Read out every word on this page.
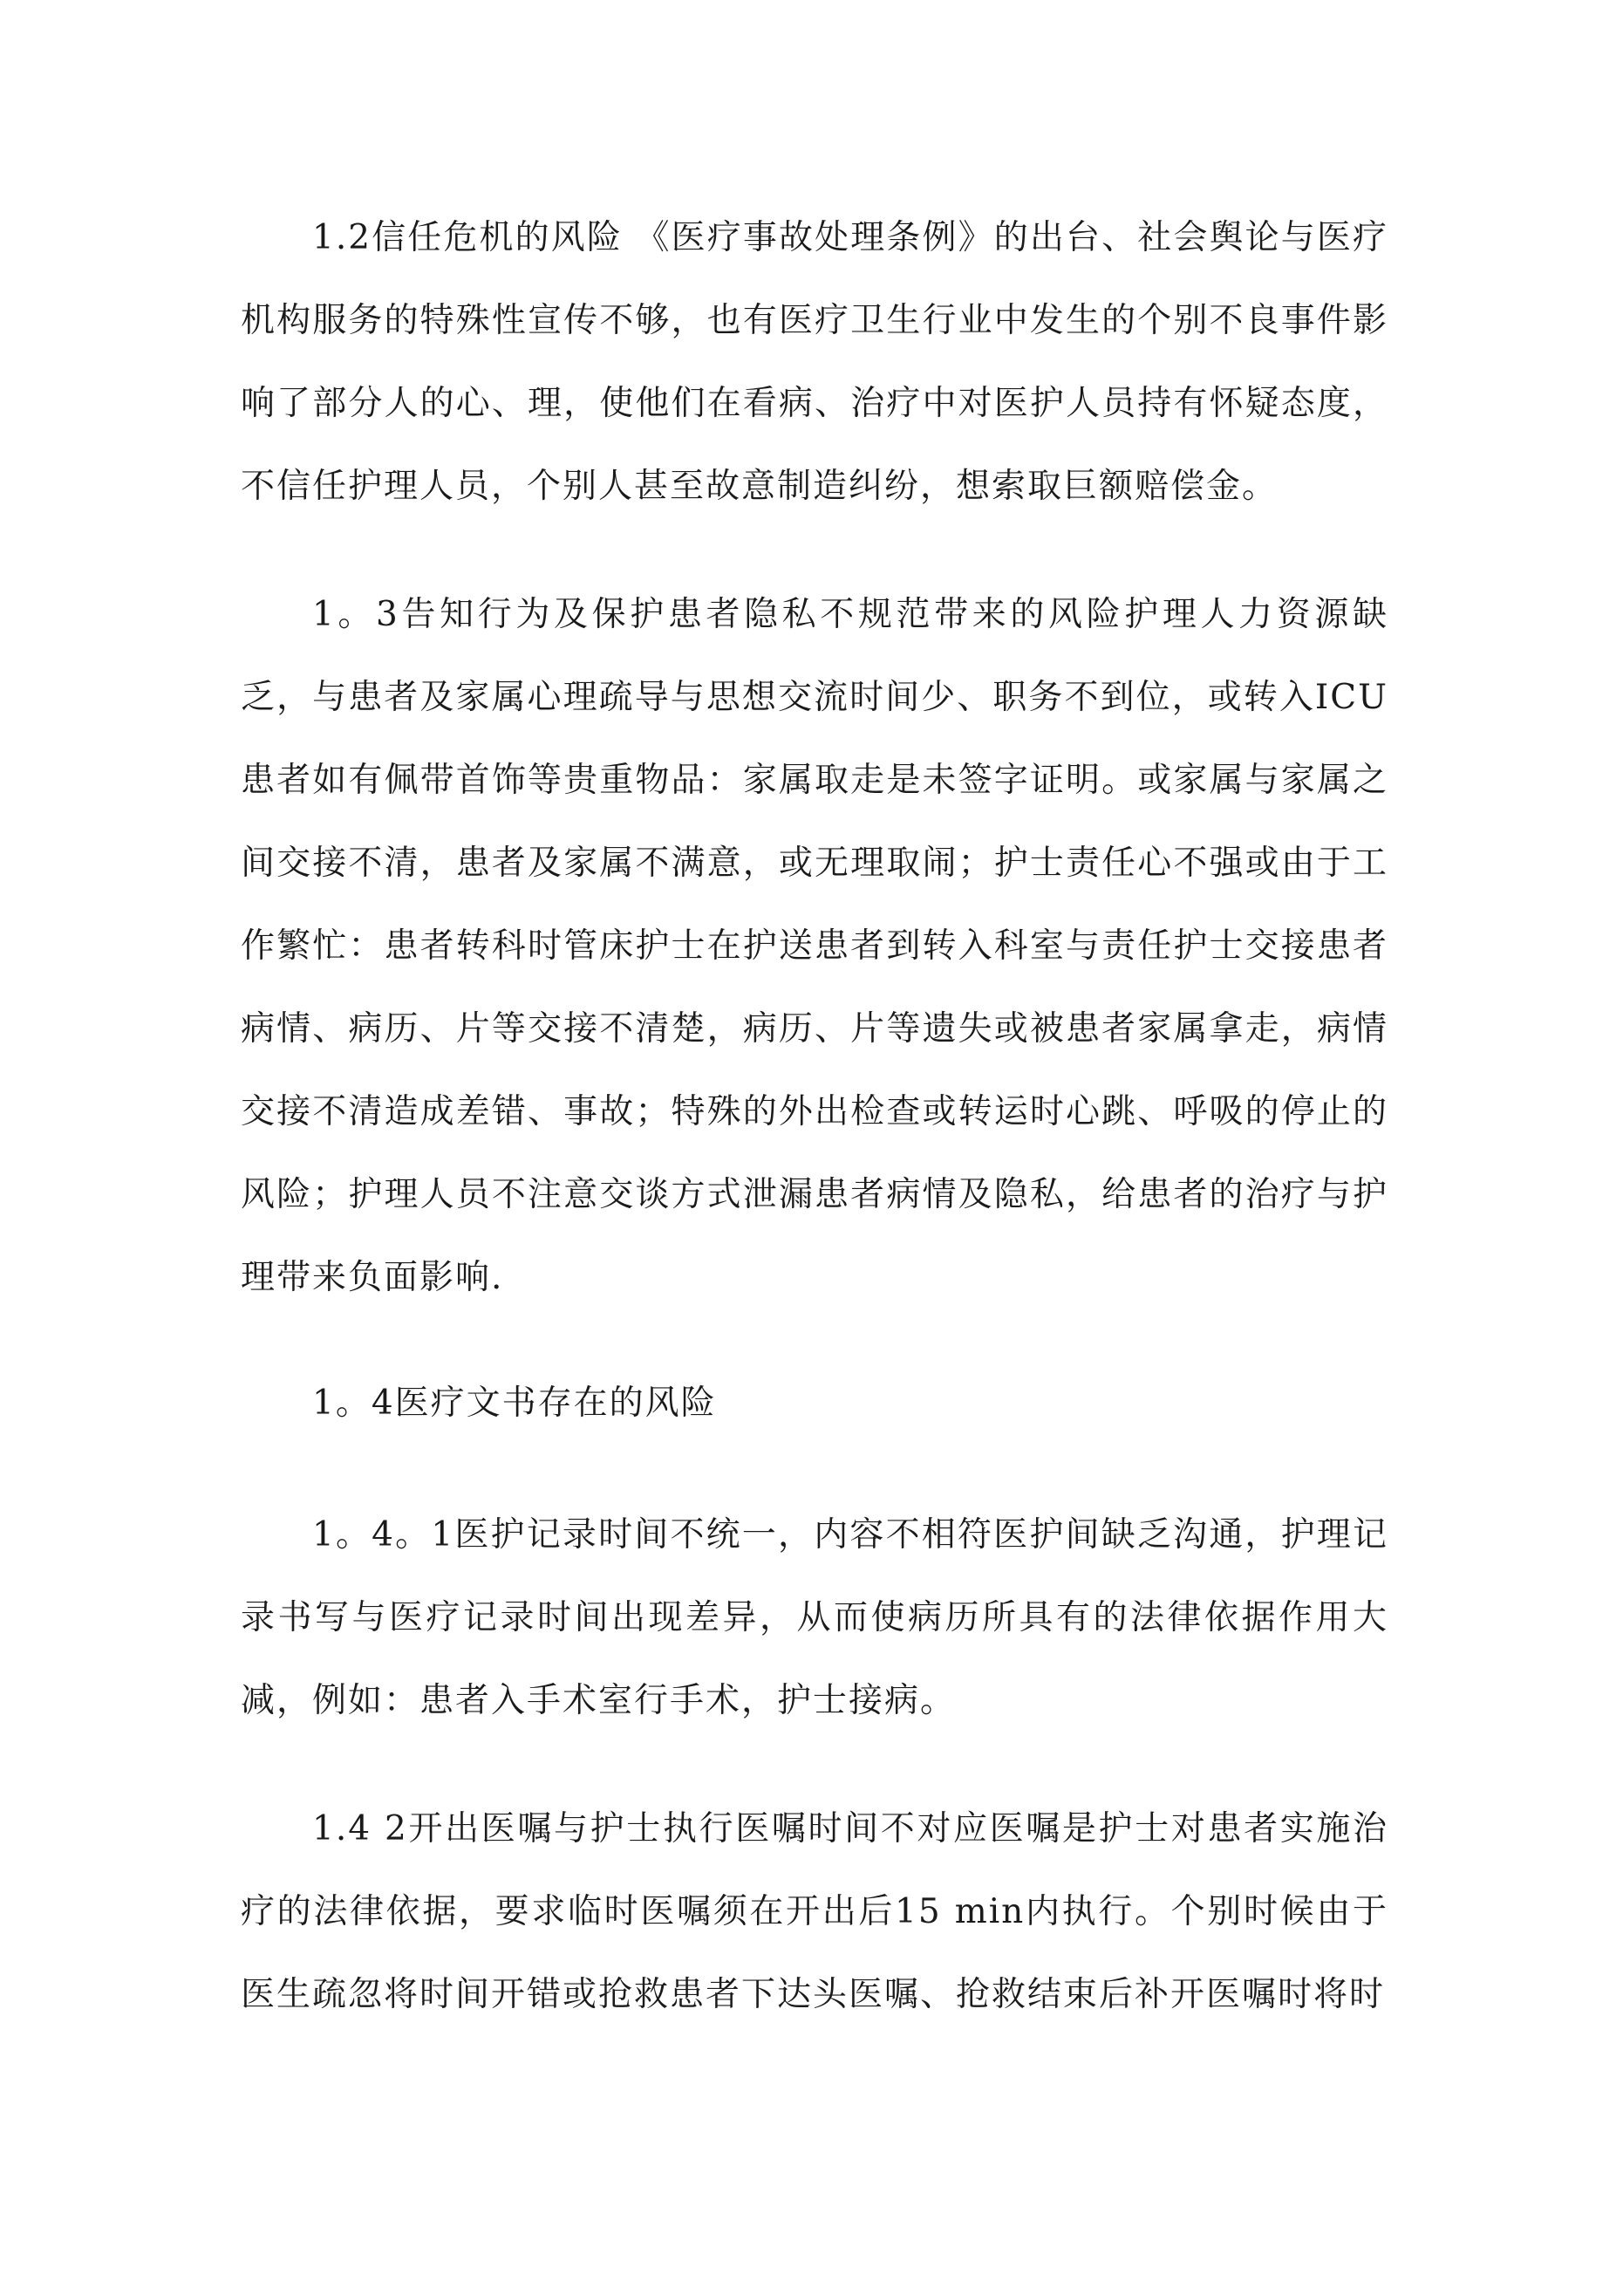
1.2信任危机的风险 《医疗事故处理条例》的出台、社会舆论与医疗机构服务的特殊性宣传不够，也有医疗卫生行业中发生的个别不良事件影响了部分人的心、理，使他们在看病、治疗中对医护人员持有怀疑态度，不信任护理人员，个别人甚至故意制造纠纷，想索取巨额赔偿金。

1。3告知行为及保护患者隐私不规范带来的风险护理人力资源缺乏，与患者及家属心理疏导与思想交流时间少、职务不到位，或转入ICU患者如有佩带首饰等贵重物品：家属取走是未签字证明。或家属与家属之间交接不清，患者及家属不满意，或无理取闹；护士责任心不强或由于工作繁忙：患者转科时管床护士在护送患者到转入科室与责任护士交接患者病情、病历、片等交接不清楚，病历、片等遗失或被患者家属拿走，病情交接不清造成差错、事故；特殊的外出检查或转运时心跳、呼吸的停止的风险；护理人员不注意交谈方式泄漏患者病情及隐私，给患者的治疗与护理带来负面影响.

1。4医疗文书存在的风险

1。4。1医护记录时间不统一，内容不相符医护间缺乏沟通，护理记录书写与医疗记录时间出现差异，从而使病历所具有的法律依据作用大减，例如：患者入手术室行手术，护士接病。

1.4 2开出医嘱与护士执行医嘱时间不对应医嘱是护士对患者实施治疗的法律依据，要求临时医嘱须在开出后15 min内执行。个别时候由于医生疏忽将时间开错或抢救患者下达头医嘱、抢救结束后补开医嘱时将时
